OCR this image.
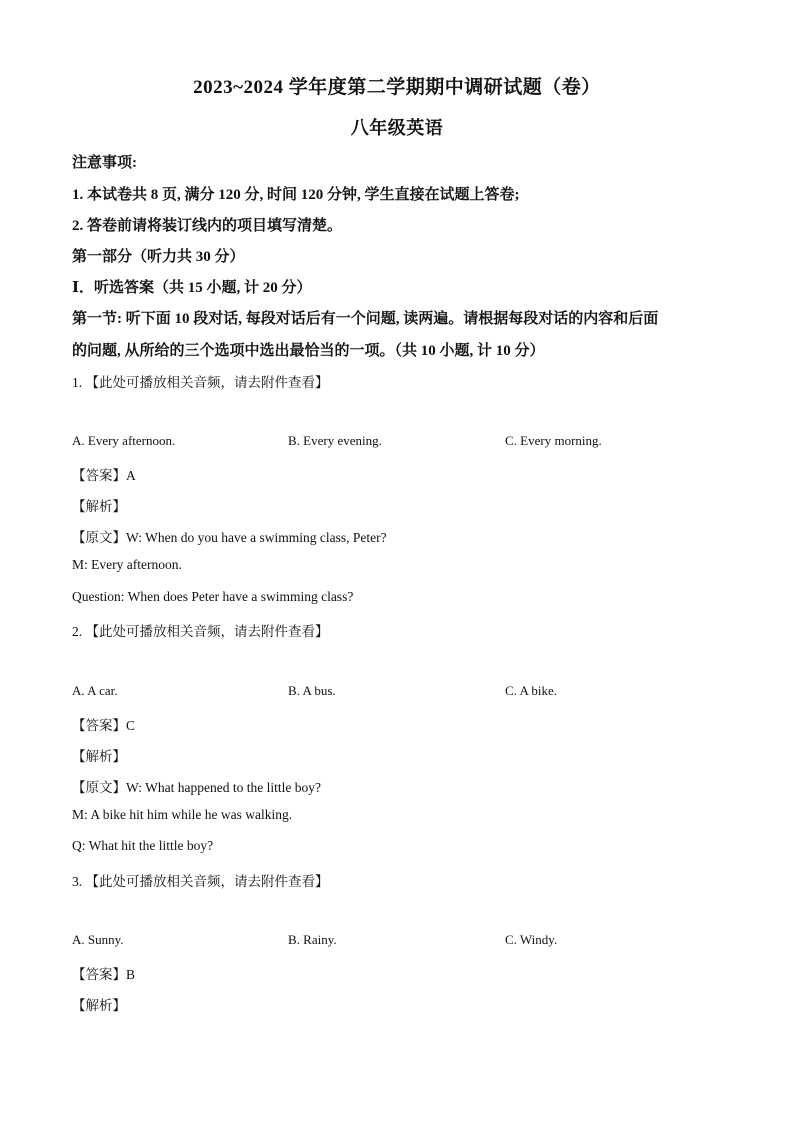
2023~2024 学年度第二学期期中调研试题（卷）
八年级英语
注意事项:
1. 本试卷共 8 页, 满分 120 分, 时间 120 分钟, 学生直接在试题上答卷;
2. 答卷前请将装订线内的项目填写清楚。
第一部分（听力共 30 分）
Ⅰ．听选答案（共 15 小题, 计 20 分）
第一节: 听下面 10 段对话, 每段对话后有一个问题, 读两遍。请根据每段对话的内容和后面
的问题, 从所给的三个选项中选出最恰当的一项。（共 10 小题, 计 10 分）
1. 【此处可播放相关音频，请去附件查看】
A. Every afternoon.	B. Every evening.	C. Every morning.
【答案】A
【解析】
【原文】W: When do you have a swimming class, Peter?
M: Every afternoon.
Question: When does Peter have a swimming class?
2. 【此处可播放相关音频，请去附件查看】
A. A car.	B. A bus.	C. A bike.
【答案】C
【解析】
【原文】W: What happened to the little boy?
M: A bike hit him while he was walking.
Q: What hit the little boy?
3. 【此处可播放相关音频，请去附件查看】
A. Sunny.	B. Rainy.	C. Windy.
【答案】B
【解析】
